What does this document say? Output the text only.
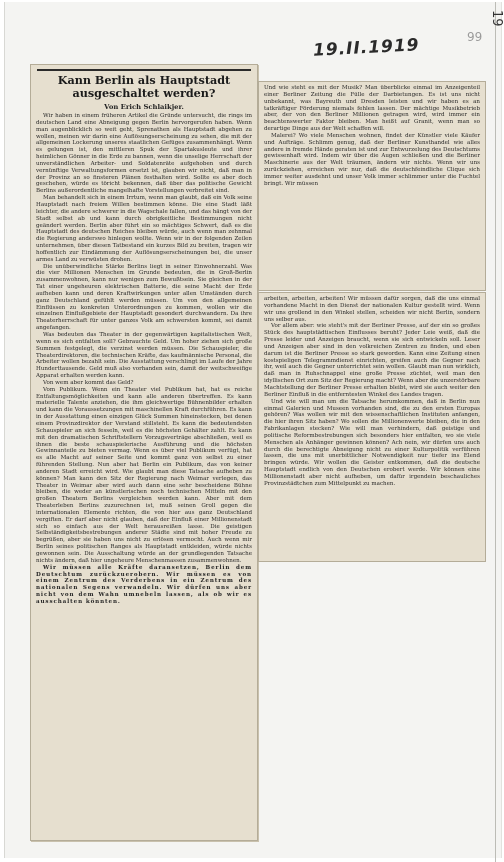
19
19.II.1919	99
Kann Berlin als Hauptstadt ausgeschaltet werden?
Von Erich Schlaikjer.

Wir haben in einem früheren Artikel die Gründe untersucht, die rings im deutschen Land eine Abneigung gegen Berlin hervorgerufen haben. Wenn man augenblicklich so weit geht, Sprenathen als Hauptstadt abgehen zu wollen, meinen wir darin eine Auflösungserscheinung zu sehen, die mit der allgemeinen Lockerung unseres staatlichen Gefüges zusammenhängt. Wenn es gelungen ist, den mittleren Spuk der Spartakusleute und ihrer heimlichen Gönner in die Erde zu bannen, wenn die unselige Herrschaft der unverständlichen Arbeiter- und Soldatenräte aufgehoben und durch vernünftige Verwaltungsformen ersetzt ist, glauben wir nicht, daß man in der Provinz an so finsteren Plänen festhalten wird. Sollte es aber doch geschehen, würde es töricht bekennen, daß über das politische Gewicht Berlins außerordentliche mangelhafte Vorstellungen verbreitet sind.

Man behandelt sich in einem Irrtum, wenn man glaubt, daß ein Volk seine Hauptstadt nach freiem Willen bestimmen könne. Die eine Stadt läßt leichter, die andere schwerer in die Wagschale fallen, und das hängt von der Stadt selbst ab und kann durch obrigkeitliche Bestimmungen nicht geändert werden. Berlin aber führt ein so mächtiges Schwert, daß es die Hauptstadt des deutschen Reiches bleiben würde, auch wenn man zehnmal die Regierung anderswo hinlegen wollte. Wenn wir in der folgenden Zeilen unternehmen, über diesen Tatbestand ein kurzes Bild zu breiten, tragen wir hoffentlich zur Eindämmung der Auflösungserscheinungen bei, die unser armes Land zu verwüsten drohen.

Die unüberwindliche Stärke Berlins liegt in seiner Einwohnerzahl. Was die vier Millionen Menschen im Grunde bedeuten, die in Groß-Berlin zusammenwohnen, kann nur wenigen zum Bewußtsein. Sie gleichen in der Tat einer ungeheuren elektrischen Batterie, die seine Macht der Erde aufheben kann und deren Kraftwirkungen unter allen Umständen durch ganz Deutschland gefühlt werden müssen. Um von den allgemeinen Einflüssen zu konkreten Unterordnungen zu kommen, wollen wir die einzelnen Einflußgebiete der Hauptstadt gesondert durchwandern. Da ihre Theaterherrschaft für unter ganzes Volk am schwersten kommt, sei damit angefangen.

Was bedeuten das Theater in der gegenwärtigen kapitalistischen Welt, wenn es sich entfalten soll? Gebrauchte Geld. Um hoher ziehen sich große Summen festgelegt, die verzinst werden müssen. Die Schauspieler, die Theaterdirektoren, die technischen Kräfte, das kaufmännische Personal, die Arbeiter wollen bezahlt sein. Die Ausstattung verschlingt im Laufe der Jahre Hunderttausende. Geld muß also vorhanden sein, damit der weitschweifige Apparat erhalten werden kann.

Von wem aber kommt das Geld?

Vom Publikum. Wenn ein Theater viel Publikum hat, hat es reiche Entfaltungsmöglichkeiten und kann alle anderen übertreffen. Es kann materielle Talente anziehen, die ihm gleichwertige Bühnenbilder erhalten und kann die Voraussetzungen mit maschinellen Kraft durchführen. Es kann in der Ausstattung einen einzigen Glück Summen hineinstecken, bei denen einem Provinzdirektor der Verstand stillsteht. Es kann die bedeutendsten Schauspieler an sich fesseln, weil es die höchsten Gehälter zahlt. Es kann mit den dramatischen Schriftstellern Vorzugsverträge abschließen, weil es ihnen die beste schauspielerische Ausführung und die höchsten Gewinnanteile zu bieten vermag. Wenn es über viel Publikum verfügt, hat es alle Macht auf seiner Seite und kommt ganz von selbst zu einer führenden Stellung. Nun aber hat Berlin ein Publikum, das von keiner anderen Stadt erreicht wird. Wie glaubt man diese Tatsache aufheben zu können? Man kann den Sitz der Regierung nach Weimar verlegen, das Theater in Weimar aber wird auch dann eine sehr bescheidene Bühne bleiben, die weder an künstlerischen noch technischen Mitteln mit den großen Theatern Berlins vergleichen werden kann. Aber mit dem Theaterleben Berlins zuzurechnen ist, muß seinen Groll gegen die internationalen Elemente richten, die von hier aus ganz Deutschland vergiften. Er darf aber nicht glauben, daß der Einfluß einer Millionenstadt sich so einfach aus der Welt herausreißen lasse. Die geistigen Selbständigkeitsbestrebungen anderer Städte sind mit hoher Freude zu begrüßen, aber sie haben uns nicht zu erlösen vermocht. Auch wenn mir Berlin seines politischen Ranges als Hauptstadt entkleiden, würde nichts gewonnen sein. Die Ausschaltung würde an der grundlegenden Tatsache nichts ändern, daß hier ungeheure Menschenmassen zusammenwohnen.

Wir müssen alle Kräfte daransetzen, Berlin dem Deutschtum zurückzuerobern. Wir müssen es von einem Zentrum des Verderbens in ein Zentrum des nationalen Segens verwandeln. Wir dürfen uns aber nicht von dem Wahn umnebeln lassen, als ob wir es ausschalten könnten.

Und wie steht es mit der Musik? Man überblicke einmal im Anzeigenteil einer Berliner Zeitung die Fülle der Darbietungen. Es ist uns nicht unbekannt, was Bayreuth und Dresden leisten und wir haben es an tatkräftiger Förderung niemals fehlen lassen. Der mächtige Musikbetrieb aber, der von den Berliner Millionen getragen wird, wird immer ein beachtenswerter Faktor bleiben. Man heißt auf Granit, wenn man so derartige Dinge aus der Welt schaffen will.

Malerei? Wo viele Menschen wohnen, findet der Künstler viele Käufer und Aufträge. Schlimm genug, daß der Berliner Kunsthandel wie alles andere in fremde Hände geraten ist und zur Entwurzelung des Deutschtums gewissenhaft wird. Indem wir über die Augen schließen und die Berliner Maschinerie aus der Welt träumen, ändern wir nichts. Wenn wir uns zurückziehen, erreichen wir nur, daß die deutschfeindliche Clique sich immer weiter ausdehnt und unser Volk immer schlimmer unter die Fuchtel bringt. Wir müssen

arbeiten, arbeiten, arbeiten! Wir müssen dafür sorgen, daß die uns einmal vorhandene Macht in den Dienst der nationalen Kultur gestellt wird. Wenn wir uns grollend in den Winkel stellen, scheiden wir nicht Berlin, sondern uns selber aus.

Vor allem aber: wie steht's mit der Berliner Presse, auf der ein so großes Stück des hauptstädtischen Einflusses beruht? Jeder Leie weiß, daß die Presse leider und Anzeigen braucht, wenn sie sich entwickeln soll. Leser und Anzeigen aber sind in den volkreichen Zentren zu finden, und eben darum ist die Berliner Presse so stark geworden. Kann eine Zeitung einen kostspieligen Telegrammdienst einrichten, greifen auch die Gegner nach ihr, weil auch die Gegner unterrichtet sein wollen. Glaubt man nun wirklich, daß man in Ruhschnappel eine große Presse züchtet, weil man den idyllischen Ort zum Sitz der Regierung macht? Wenn aber die unzerstörbare Machtstellung der Berliner Presse erhalten bleibt, wird sie auch weiter den Berliner Einfluß in die entferntesten Winkel des Landes tragen.

Und wie will man um die Tatsache herumkommen, daß in Berlin nun einmal Galerien und Museen vorhanden sind, die zu den ersten Europas gehören? Was wollen wir mit den wissenschaftlichen Instituten anfangen, die hier ihren Sitz haben? Wo sollen die Millionenwerte bleiben, die in den Fabrikanlagen stecken? Wie will man verhindern, daß geistige und politische Reformbestrebungen sich besonders hier entfalten, wo sie viele Menschen als Anhänger gewinnen können? Ach nein, wir dürfen uns auch durch die berechtigte Abneigung nicht zu einer Kulturpolitik verführen lassen, die uns mit unerbittlicher Notwendigkeit nur tiefer ins Elend bringen würde. Wir wollen die Geister entkommen, daß die deutsche Hauptstadt endlich von den Deutschen erobert werde. Wir können eine Millionenstadt aber nicht aufheben, um dafür irgendein beschauliches Provinzstädtchen zum Mittelpunkt zu machen.
